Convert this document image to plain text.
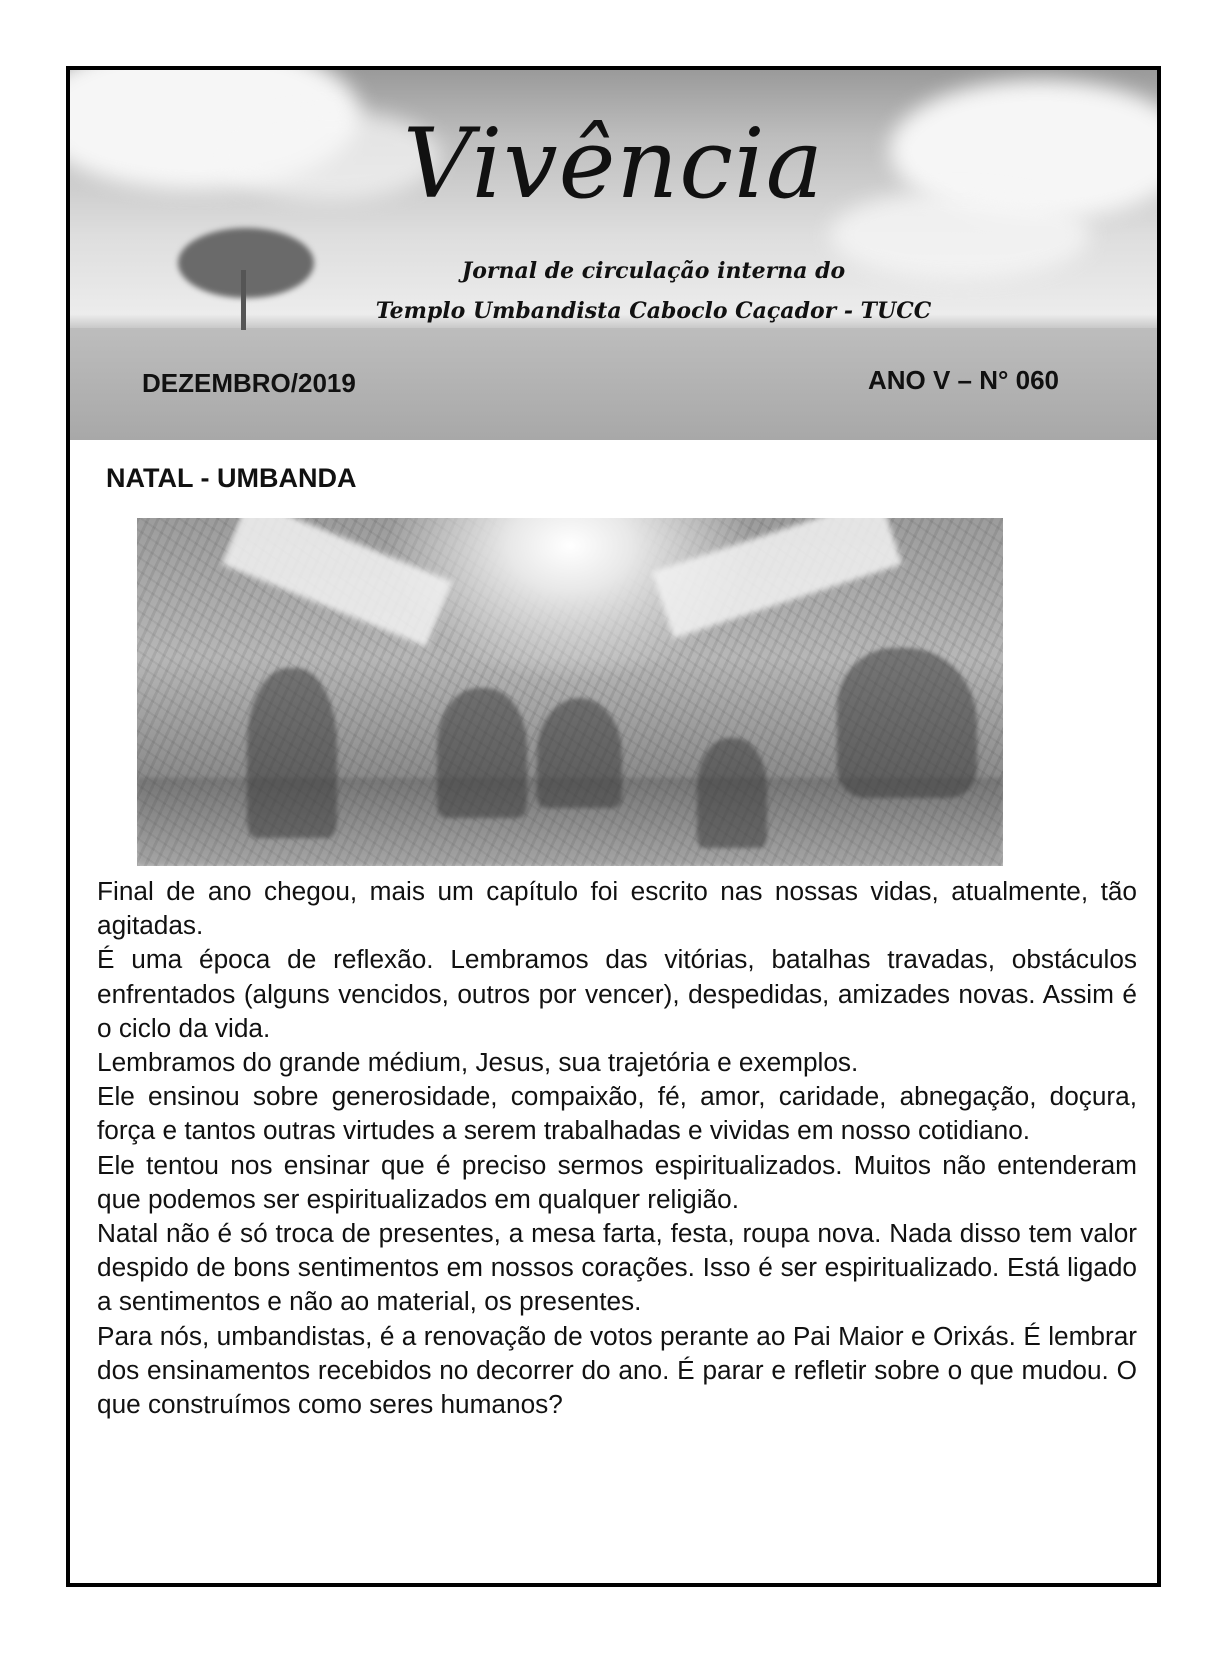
Vivência
Jornal de circulação interna do
Templo Umbandista Caboclo Caçador - TUCC
DEZEMBRO/2019	ANO V – N° 060
NATAL - UMBANDA

Final de ano chegou, mais um capítulo foi escrito nas nossas vidas, atualmente, tão agitadas.

É uma época de reflexão. Lembramos das vitórias, batalhas travadas, obstáculos enfrentados (alguns vencidos, outros por vencer), despedidas, amizades novas. Assim é o ciclo da vida.

Lembramos do grande médium, Jesus, sua trajetória e exemplos.

Ele ensinou sobre generosidade, compaixão, fé, amor, caridade, abnegação, doçura, força e tantos outras virtudes a serem trabalhadas e vividas em nosso cotidiano.

Ele tentou nos ensinar que é preciso sermos espiritualizados. Muitos não entenderam que podemos ser espiritualizados em qualquer religião.

Natal não é só troca de presentes, a mesa farta, festa, roupa nova. Nada disso tem valor despido de bons sentimentos em nossos corações. Isso é ser espiritualizado. Está ligado a sentimentos e não ao material, os presentes.

Para nós, umbandistas, é a renovação de votos perante ao Pai Maior e Orixás. É lembrar dos ensinamentos recebidos no decorrer do ano. É parar e refletir sobre o que mudou. O que construímos como seres humanos?
